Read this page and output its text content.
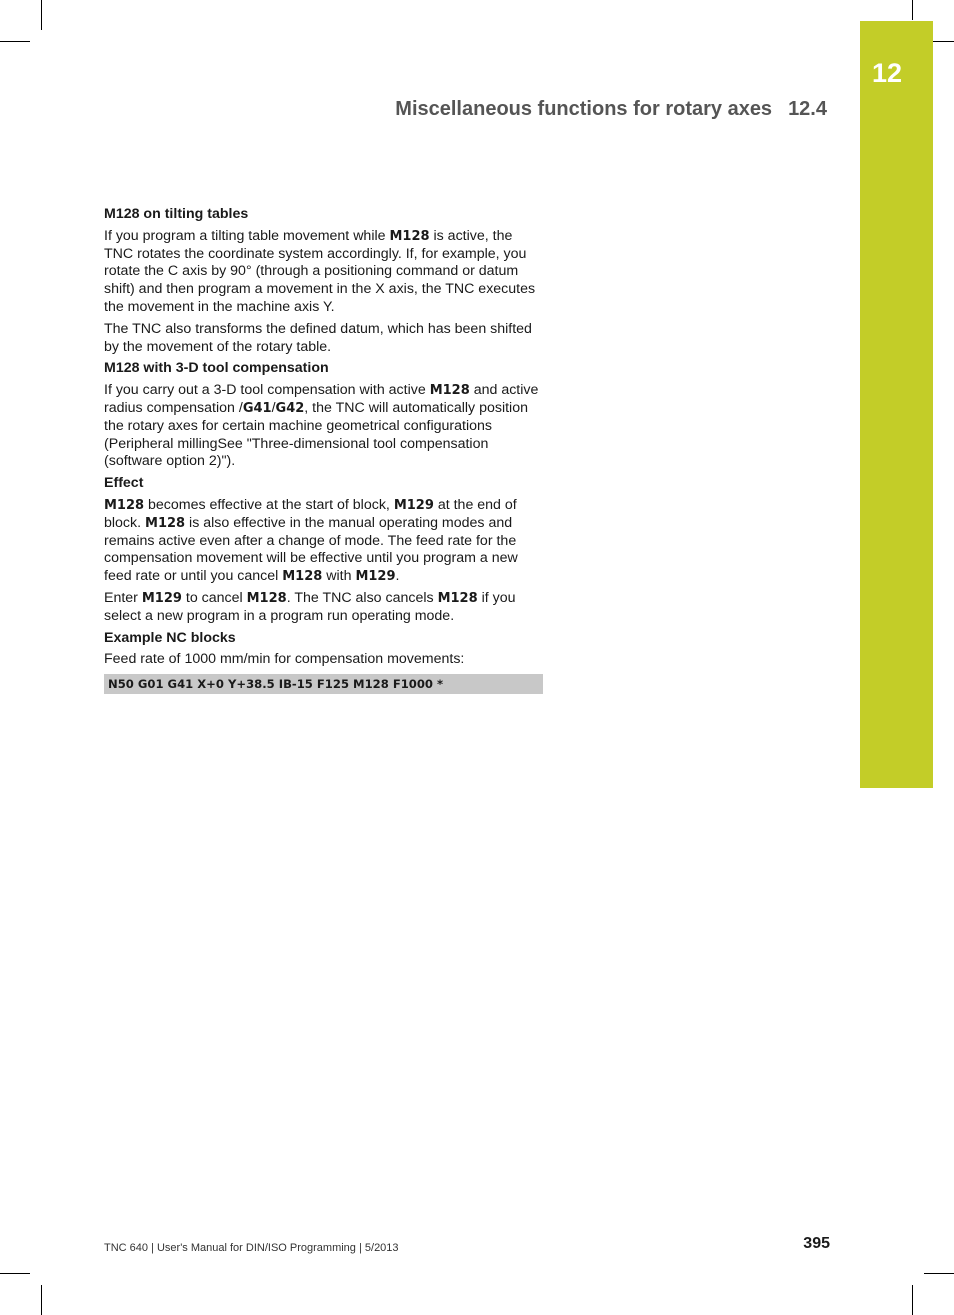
12
Miscellaneous functions for rotary axes 12.4
M128 on tilting tables

If you program a tilting table movement while M128 is active, the TNC rotates the coordinate system accordingly. If, for example, you rotate the C axis by 90° (through a positioning command or datum shift) and then program a movement in the X axis, the TNC executes the movement in the machine axis Y.

The TNC also transforms the defined datum, which has been shifted by the movement of the rotary table.

M128 with 3-D tool compensation

If you carry out a 3-D tool compensation with active M128 and active radius compensation /G41/G42, the TNC will automatically position the rotary axes for certain machine geometrical configurations (Peripheral millingSee "Three-dimensional tool compensation (software option 2)").

Effect

M128 becomes effective at the start of block, M129 at the end of block. M128 is also effective in the manual operating modes and remains active even after a change of mode. The feed rate for the compensation movement will be effective until you program a new feed rate or until you cancel M128 with M129.

Enter M129 to cancel M128. The TNC also cancels M128 if you select a new program in a program run operating mode.

Example NC blocks

Feed rate of 1000 mm/min for compensation movements:

N50 G01 G41 X+0 Y+38.5 IB-15 F125 M128 F1000 *
TNC 640 | User's Manual for DIN/ISO Programming | 5/2013	395
